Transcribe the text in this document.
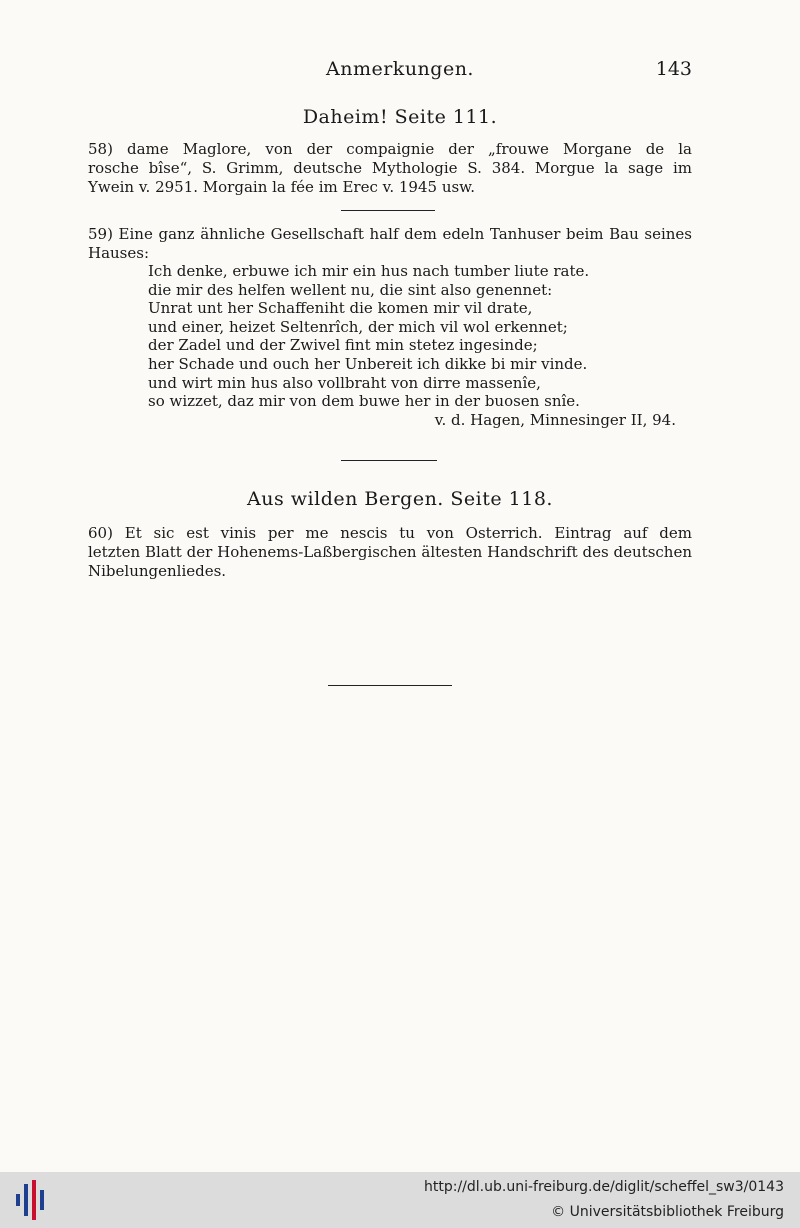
Anmerkungen.	143
Daheim! Seite 111.
58) dame Maglore, von der compaignie der „frouwe Morgane de la
rosche bîse“, S. Grimm, deutsche Mythologie S. 384. Morgue la sage im
Ywein v. 2951. Morgain la fée im Erec v. 1945 usw.
59) Eine ganz ähnliche Gesellschaft half dem edeln Tanhuser beim Bau seines
Hauses:
Ich denke, erbuwe ich mir ein hus nach tumber liute rate.
die mir des helfen wellent nu, die sint also genennet:
Unrat unt her Schaffeniht die komen mir vil drate,
und einer, heizet Seltenrîch, der mich vil wol erkennet;
der Zadel und der Zwivel fint min stetez ingesinde;
her Schade und ouch her Unbereit ich dikke bi mir vinde.
und wirt min hus also vollbraht von dirre massenîe,
so wizzet, daz mir von dem buwe her in der buosen snîe.
v. d. Hagen, Minnesinger II, 94.
Aus wilden Bergen. Seite 118.
60) Et sic est vinis per me nescis tu von Osterrich. Eintrag auf dem
letzten Blatt der Hohenems-Laßbergischen ältesten Handschrift des deutschen
Nibelungenliedes.
http://dl.ub.uni-freiburg.de/diglit/scheffel_sw3/0143
© Universitätsbibliothek Freiburg
